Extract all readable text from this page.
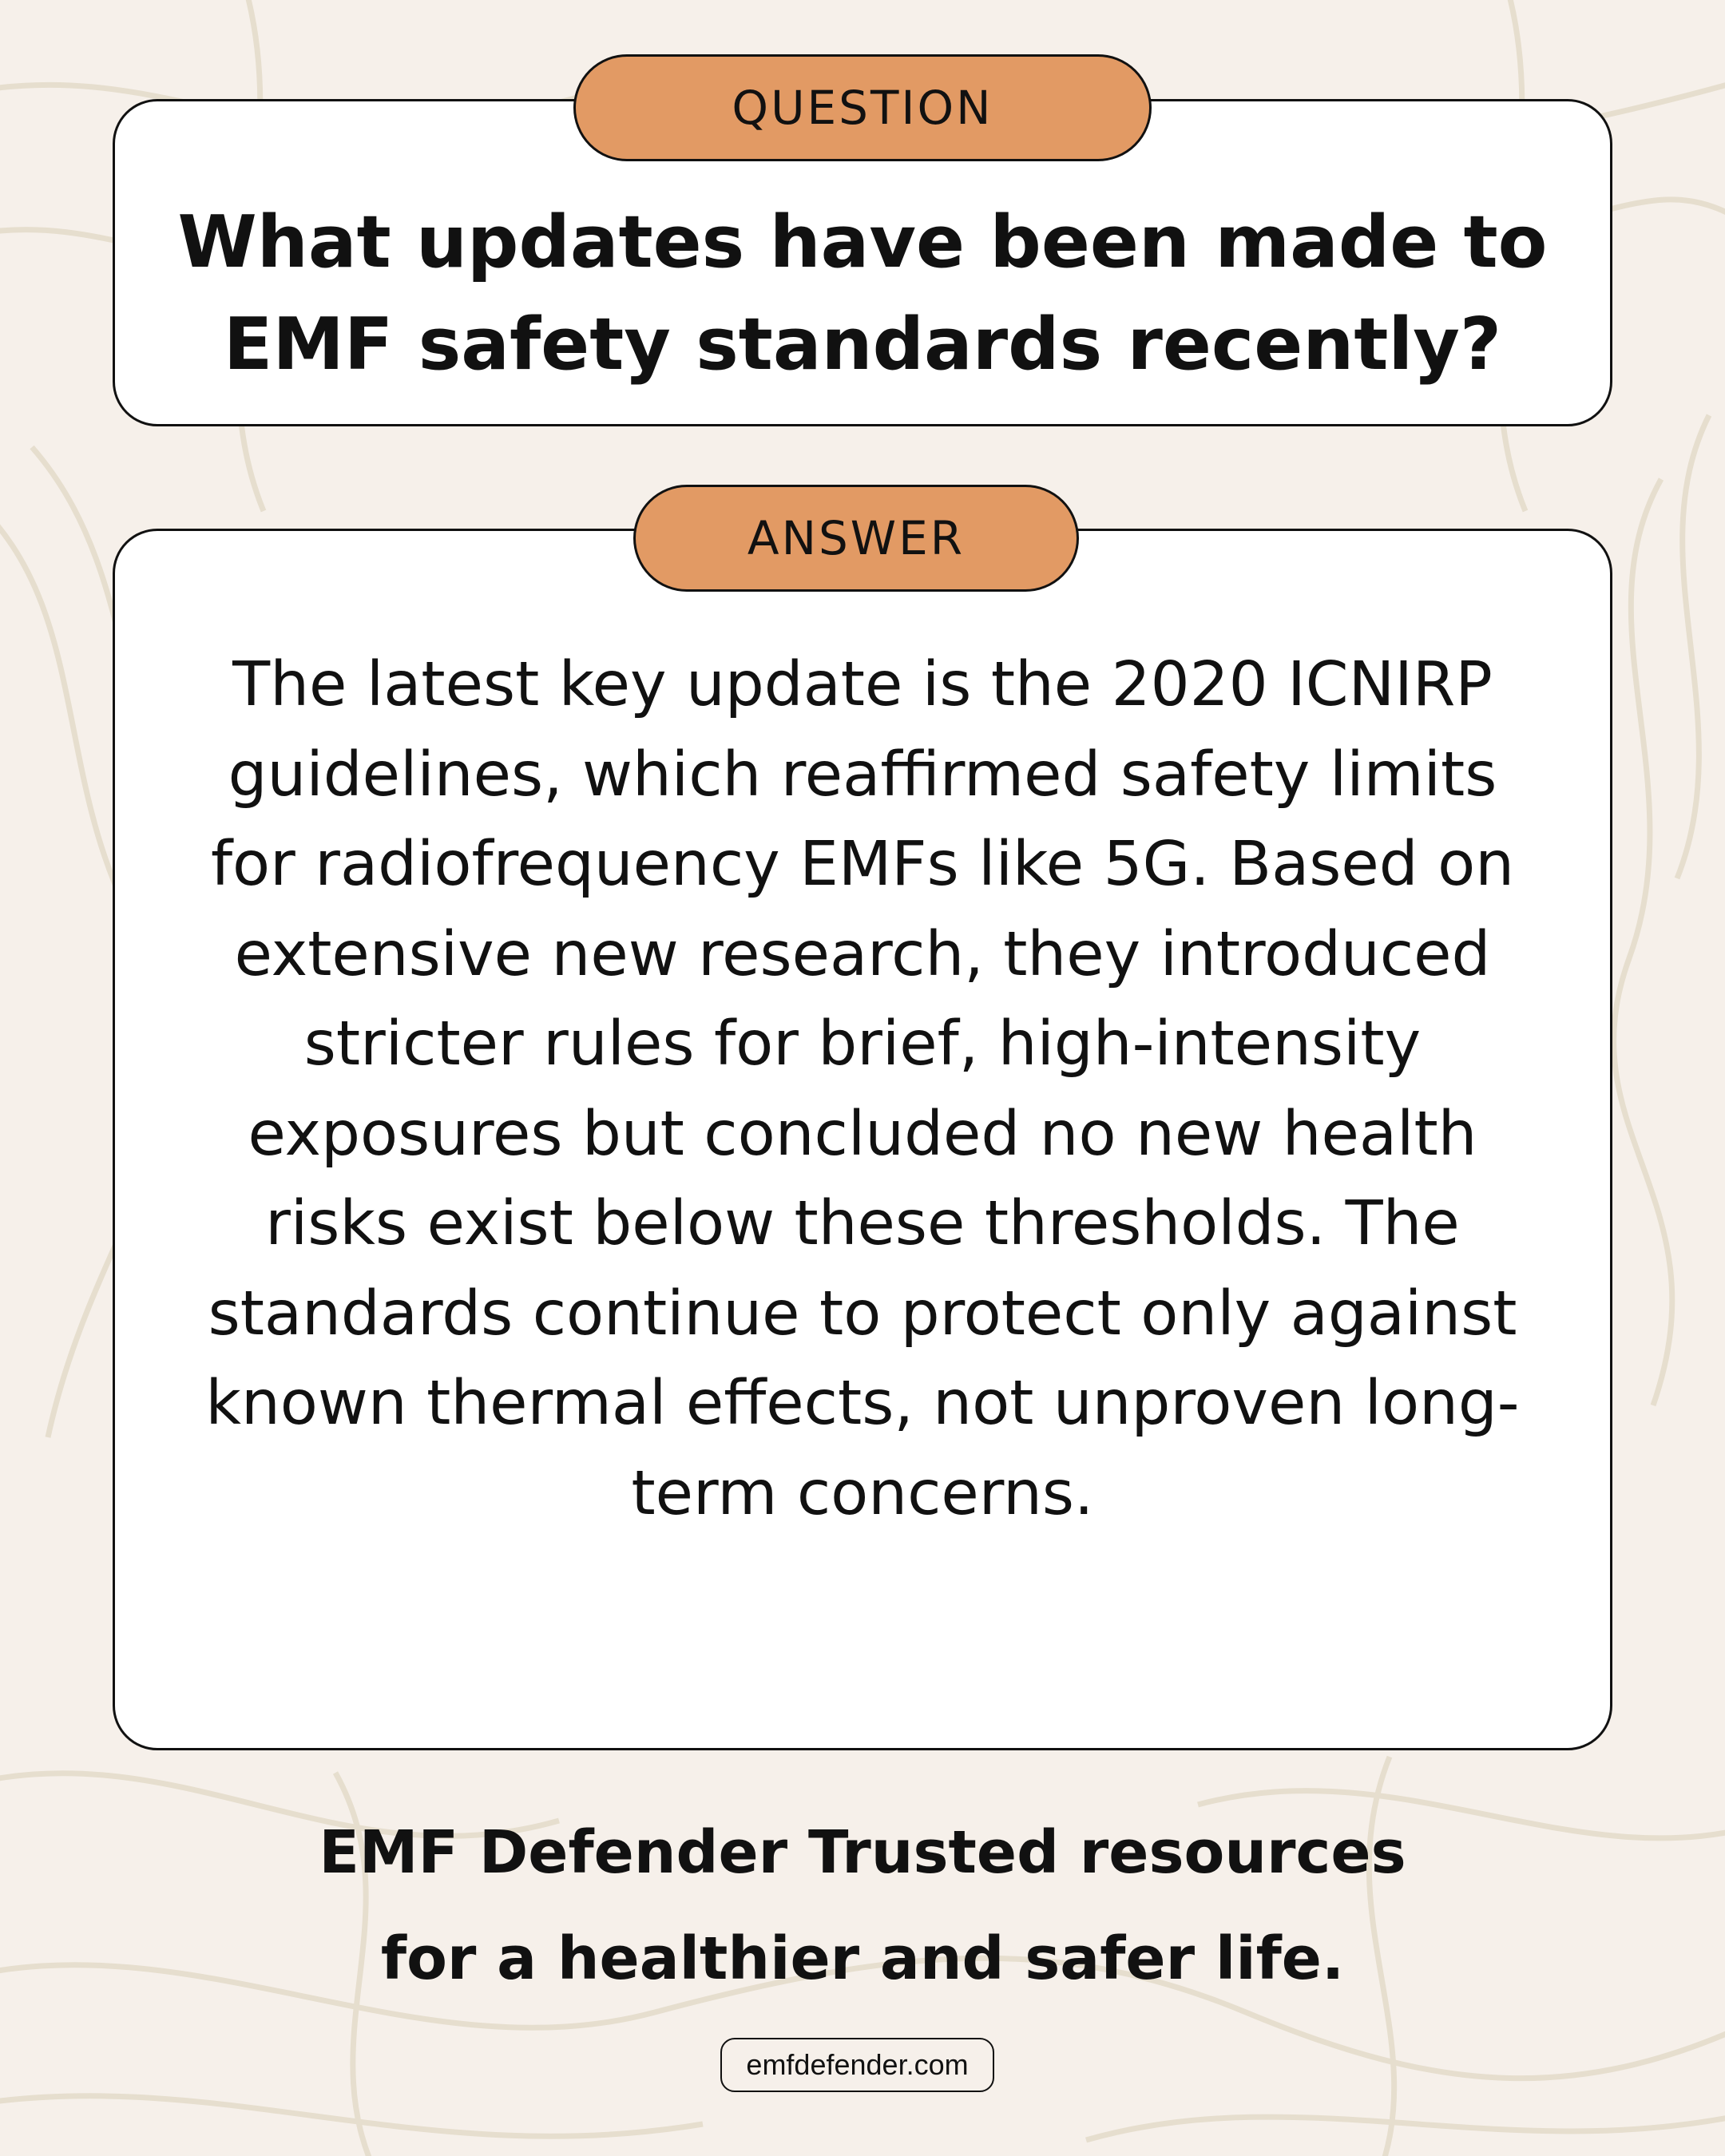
QUESTION
ANSWER

What updates have been made to EMF safety standards recently?

The latest key update is the 2020 ICNIRP guidelines, which reaffirmed safety limits for radiofrequency EMFs like 5G. Based on extensive new research, they introduced stricter rules for brief, high-intensity exposures but concluded no new health risks exist below these thresholds. The standards continue to protect only against known thermal effects, not unproven long-term concerns.

EMF Defender Trusted resources
for a healthier and safer life.
emfdefender.com
